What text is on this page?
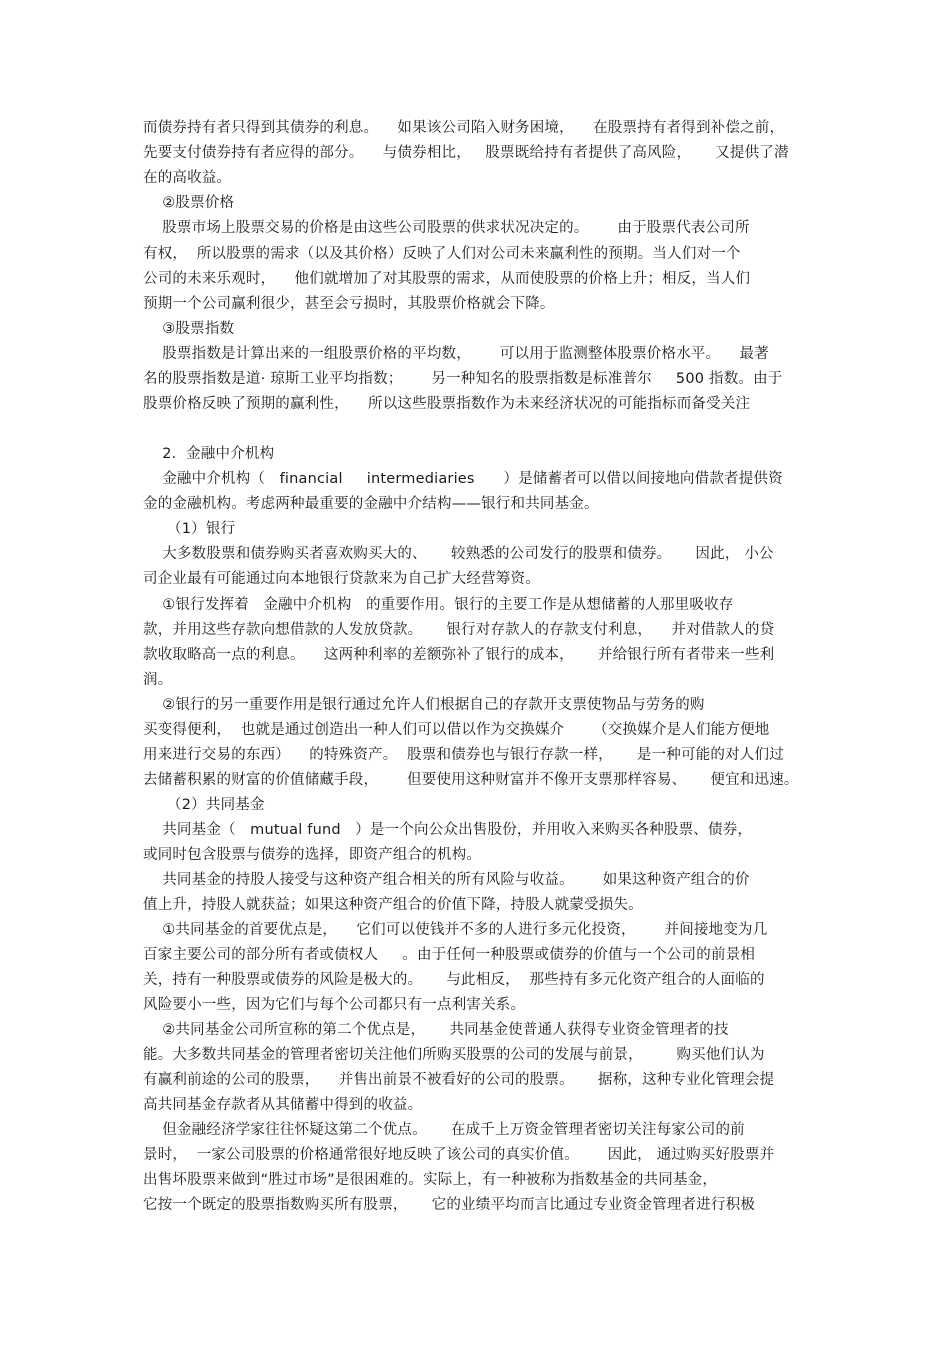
而债券持有者只得到其债券的利息。    如果该公司陷入财务困境，    在股票持有者得到补偿之前，
先要支付债券持有者应得的部分。    与债券相比，   股票既给持有者提供了高风险，     又提供了潜
在的高收益。
②股票价格
股票市场上股票交易的价格是由这些公司股票的供求状况决定的。      由于股票代表公司所
有权，  所以股票的需求（以及其价格）反映了人们对公司未来赢利性的预期。当人们对一个
公司的未来乐观时，    他们就增加了对其股票的需求，从而使股票的价格上升；相反，当人们
预期一个公司赢利很少，甚至会亏损时，其股票价格就会下降。
③股票指数
股票指数是计算出来的一组股票价格的平均数，      可以用于监测整体股票价格水平。    最著
名的股票指数是道· 琼斯工业平均指数；      另一种知名的股票指数是标准普尔     500 指数。由于
股票价格反映了预期的赢利性，    所以这些股票指数作为未来经济状况的可能指标而备受关注
2.  金融中介机构
金融中介机构（   financial     intermediaries      ）是储蓄者可以借以间接地向借款者提供资
金的金融机构。考虑两种最重要的金融中介结构——银行和共同基金。
（1）银行
大多数股票和债券购买者喜欢购买大的、     较熟悉的公司发行的股票和债券。     因此， 小公
司企业最有可能通过向本地银行贷款来为自己扩大经营筹资。
①银行发挥着   金融中介机构   的重要作用。银行的主要工作是从想储蓄的人那里吸收存
款，并用这些存款向想借款的人发放贷款。     银行对存款人的存款支付利息，    并对借款人的贷
款收取略高一点的利息。    这两种利率的差额弥补了银行的成本，     并给银行所有者带来一些利
润。
②银行的另一重要作用是银行通过允许人们根据自己的存款开支票使物品与劳务的购
买变得便利，  也就是通过创造出一种人们可以借以作为交换媒介      （交换媒介是人们能方便地
用来进行交易的东西）    的特殊资产。  股票和债券也与银行存款一样，     是一种可能的对人们过
去储蓄积累的财富的价值储藏手段，      但要使用这种财富并不像开支票那样容易、     便宜和迅速。
（2）共同基金
共同基金（   mutual fund   ）是一个向公众出售股份，并用收入来购买各种股票、债券，
或同时包含股票与债券的选择，即资产组合的机构。
共同基金的持股人接受与这种资产组合相关的所有风险与收益。      如果这种资产组合的价
值上升，持股人就获益；如果这种资产组合的价值下降，持股人就蒙受损失。
①共同基金的首要优点是，    它们可以使钱并不多的人进行多元化投资，      并间接地变为几
百家主要公司的部分所有者或债权人     。由于任何一种股票或债券的价值与一个公司的前景相
关，持有一种股票或债券的风险是极大的。     与此相反，  那些持有多元化资产组合的人面临的
风险要小一些，因为它们与每个公司都只有一点利害关系。
②共同基金公司所宣称的第二个优点是，     共同基金使普通人获得专业资金管理者的技
能。大多数共同基金的管理者密切关注他们所购买股票的公司的发展与前景，       购买他们认为
有赢利前途的公司的股票，    并售出前景不被看好的公司的股票。     据称，这种专业化管理会提
高共同基金存款者从其储蓄中得到的收益。
但金融经济学家往往怀疑这第二个优点。     在成千上万资金管理者密切关注每家公司的前
景时，  一家公司股票的价格通常很好地反映了该公司的真实价值。      因此， 通过购买好股票并
出售坏股票来做到“胜过市场”是很困难的。实际上，有一种被称为指数基金的共同基金，
它按一个既定的股票指数购买所有股票，     它的业绩平均而言比通过专业资金管理者进行积极
